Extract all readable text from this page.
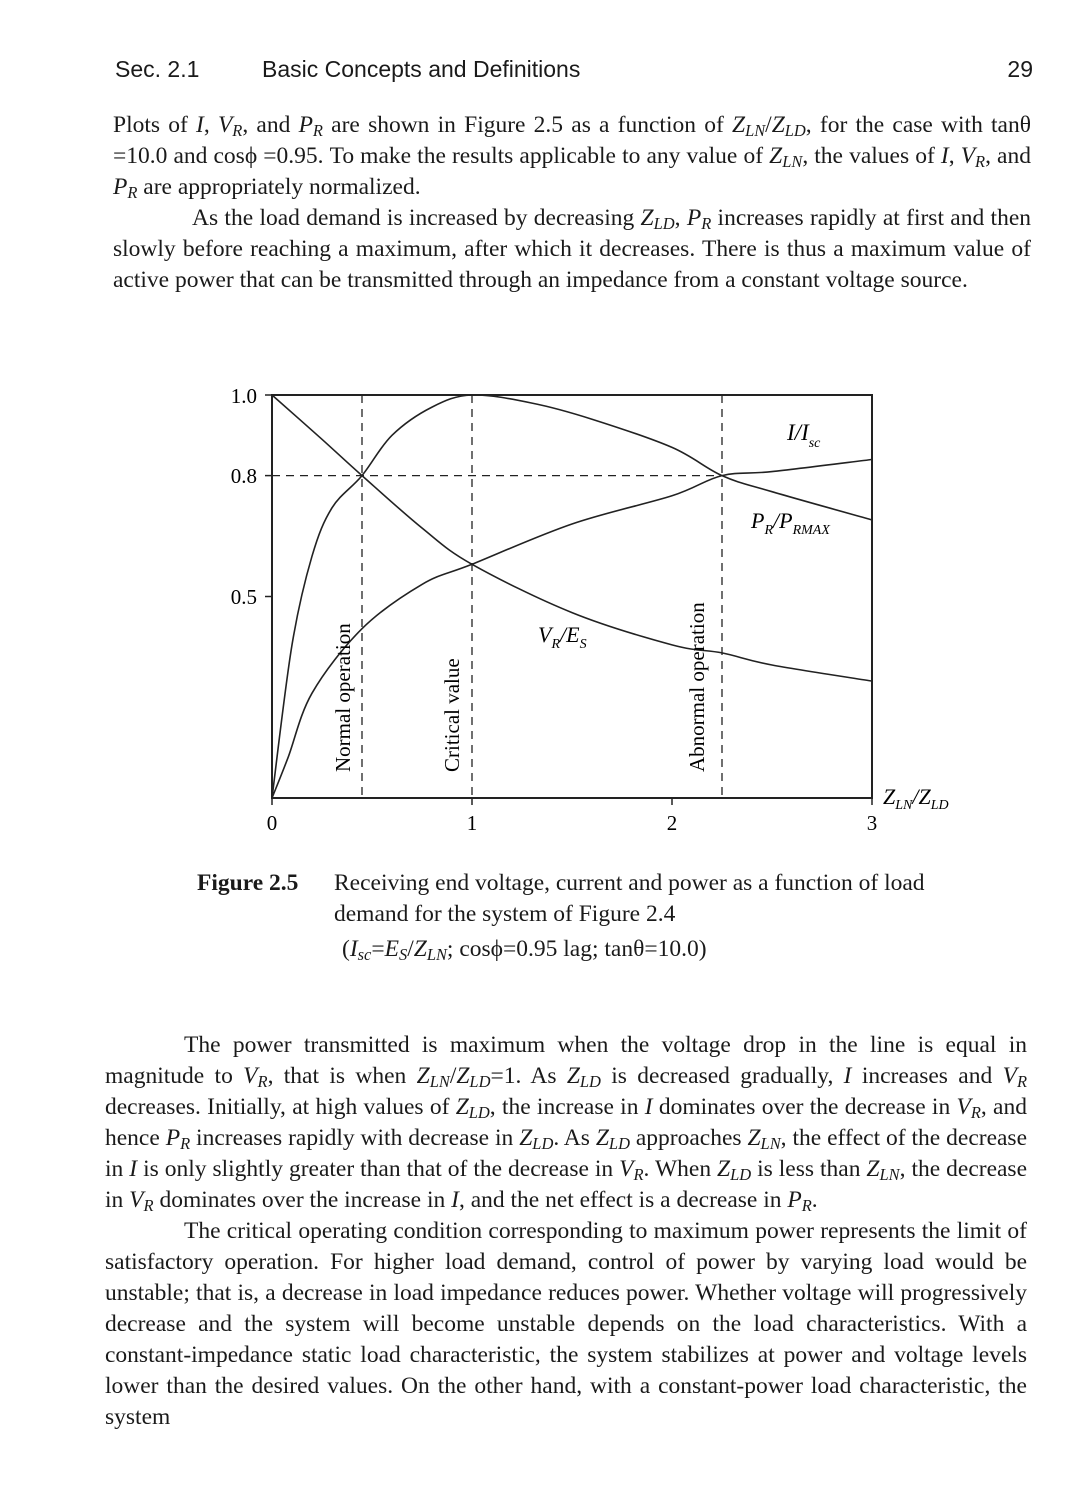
Sec. 2.1	Basic Concepts and Definitions	29

Plots of I, $V_R$, and $P_R$ are shown in Figure 2.5 as a function of $Z_{LN}/Z_{LD}$, for the case with tanθ =10.0 and cosϕ =0.95. To make the results applicable to any value of $Z_{LN}$, the values of I, $V_R$, and $P_R$ are appropriately normalized.

As the load demand is increased by decreasing $Z_{LD}$, $P_R$ increases rapidly at first and then slowly before reaching a maximum, after which it decreases. There is thus a maximum value of active power that can be transmitted through an impedance from a constant voltage source.

1.0
0.8
0.5
0	1	2	3
$Z_{LN}/Z_{LD}$
$I/I_{sc}$
$P_R/P_{RMAX}$
$V_R/E_S$
Normal operation	Critical value	Abnormal operation
Figure 2.5 Receiving end voltage, current and power as a function of load demand for the system of Figure 2.4
($I_{sc}=E_S/Z_{LN}$; cosϕ=0.95 lag; tanθ=10.0)

The power transmitted is maximum when the voltage drop in the line is equal in magnitude to $V_R$, that is when $Z_{LN}/Z_{LD}=1$. As $Z_{LD}$ is decreased gradually, I increases and $V_R$ decreases. Initially, at high values of $Z_{LD}$, the increase in I dominates over the decrease in $V_R$, and hence $P_R$ increases rapidly with decrease in $Z_{LD}$. As $Z_{LD}$ approaches $Z_{LN}$, the effect of the decrease in I is only slightly greater than that of the decrease in $V_R$. When $Z_{LD}$ is less than $Z_{LN}$, the decrease in $V_R$ dominates over the increase in I, and the net effect is a decrease in $P_R$.

The critical operating condition corresponding to maximum power represents the limit of satisfactory operation. For higher load demand, control of power by varying load would be unstable; that is, a decrease in load impedance reduces power. Whether voltage will progressively decrease and the system will become unstable depends on the load characteristics. With a constant-impedance static load characteristic, the system stabilizes at power and voltage levels lower than the desired values. On the other hand, with a constant-power load characteristic, the system
